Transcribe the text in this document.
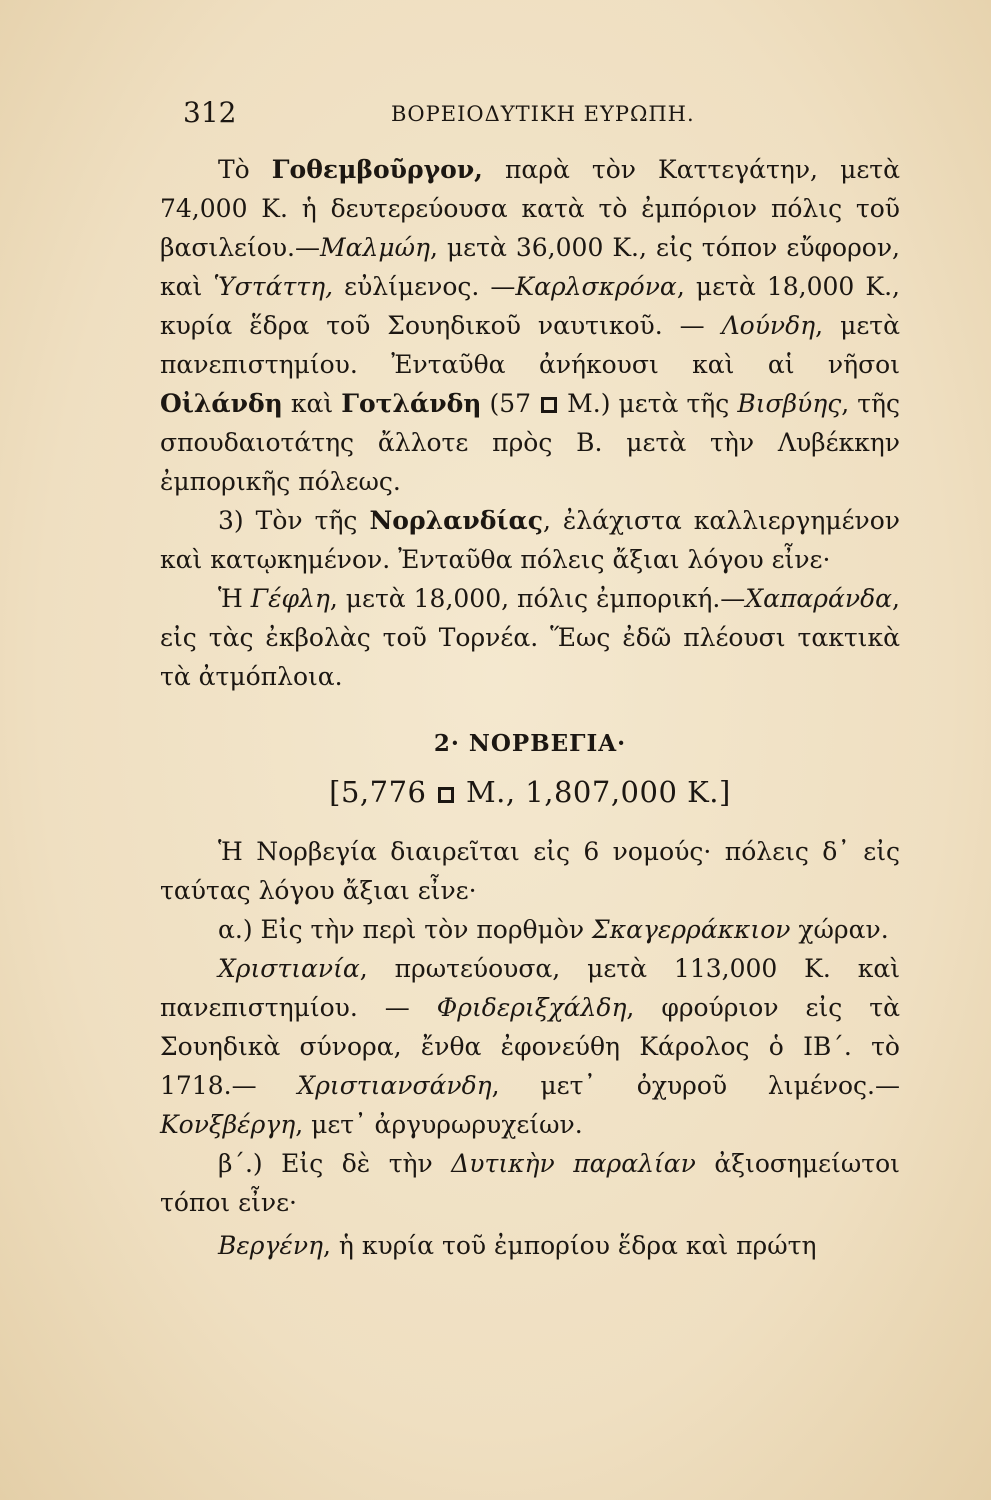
312	ΒΟΡΕΙΟΔΥΤΙΚΗ ΕΥΡΩΠΗ.

Τὸ Γοθεμβοῦργον, παρὰ τὸν Καττεγάτην, μετὰ 74,000 Κ. ἡ δευτερεύουσα κατὰ τὸ ἐμπόριον πόλις τοῦ βασιλείου.—Μαλμώη, μετὰ 36,000 Κ., εἰς τόπον εὔφορον, καὶ Ὑστάττη, εὐλίμενος. —Καρλσκρόνα, μετὰ 18,000 Κ., κυρία ἕδρα τοῦ Σουηδικοῦ ναυτικοῦ. — Λούνδη, μετὰ πανεπιστημίου. Ἐνταῦθα ἀνήκουσι καὶ αἱ νῆσοι Οἰλάνδη καὶ Γοτλάνδη (57  Μ.) μετὰ τῆς Βισβύης, τῆς σπουδαιοτάτης ἄλλοτε πρὸς Β. μετὰ τὴν Λυβέκκην ἐμπορικῆς πόλεως.

3) Τὸν τῆς Νορλανδίας, ἐλάχιστα καλλιεργημένον καὶ κατῳκημένον. Ἐνταῦθα πόλεις ἄξιαι λόγου εἶνε·

Ἡ Γέφλη, μετὰ 18,000, πόλις ἐμπορική.—Χαπαράνδα, εἰς τὰς ἐκβολὰς τοῦ Τορνέα. Ἕως ἐδῶ πλέουσι τακτικὰ τὰ ἀτμόπλοια.

2· ΝΟΡΒΕΓΙΑ·
[5,776  Μ., 1,807,000 Κ.]

Ἡ Νορβεγία διαιρεῖται εἰς 6 νομούς· πόλεις δ᾽ εἰς ταύτας λόγου ἄξιαι εἶνε·

α.) Εἰς τὴν περὶ τὸν πορθμὸν Σκαγερράκκιον χώραν.

Χριστιανία, πρωτεύουσα, μετὰ 113,000 Κ. καὶ πανεπιστημίου. — Φριδεριξχάλδη, φρούριον εἰς τὰ Σουηδικὰ σύνορα, ἔνθα ἐφονεύθη Κάρολος ὁ ΙΒ΄. τὸ 1718.— Χριστιανσάνδη, μετ᾽ ὀχυροῦ λιμένος.—Κονξβέργη, μετ᾽ ἀργυρωρυχείων.

β΄.) Εἰς δὲ τὴν Δυτικὴν παραλίαν ἀξιοσημείωτοι τόποι εἶνε·

Βεργένη, ἡ κυρία τοῦ ἐμπορίου ἕδρα καὶ πρώτη
